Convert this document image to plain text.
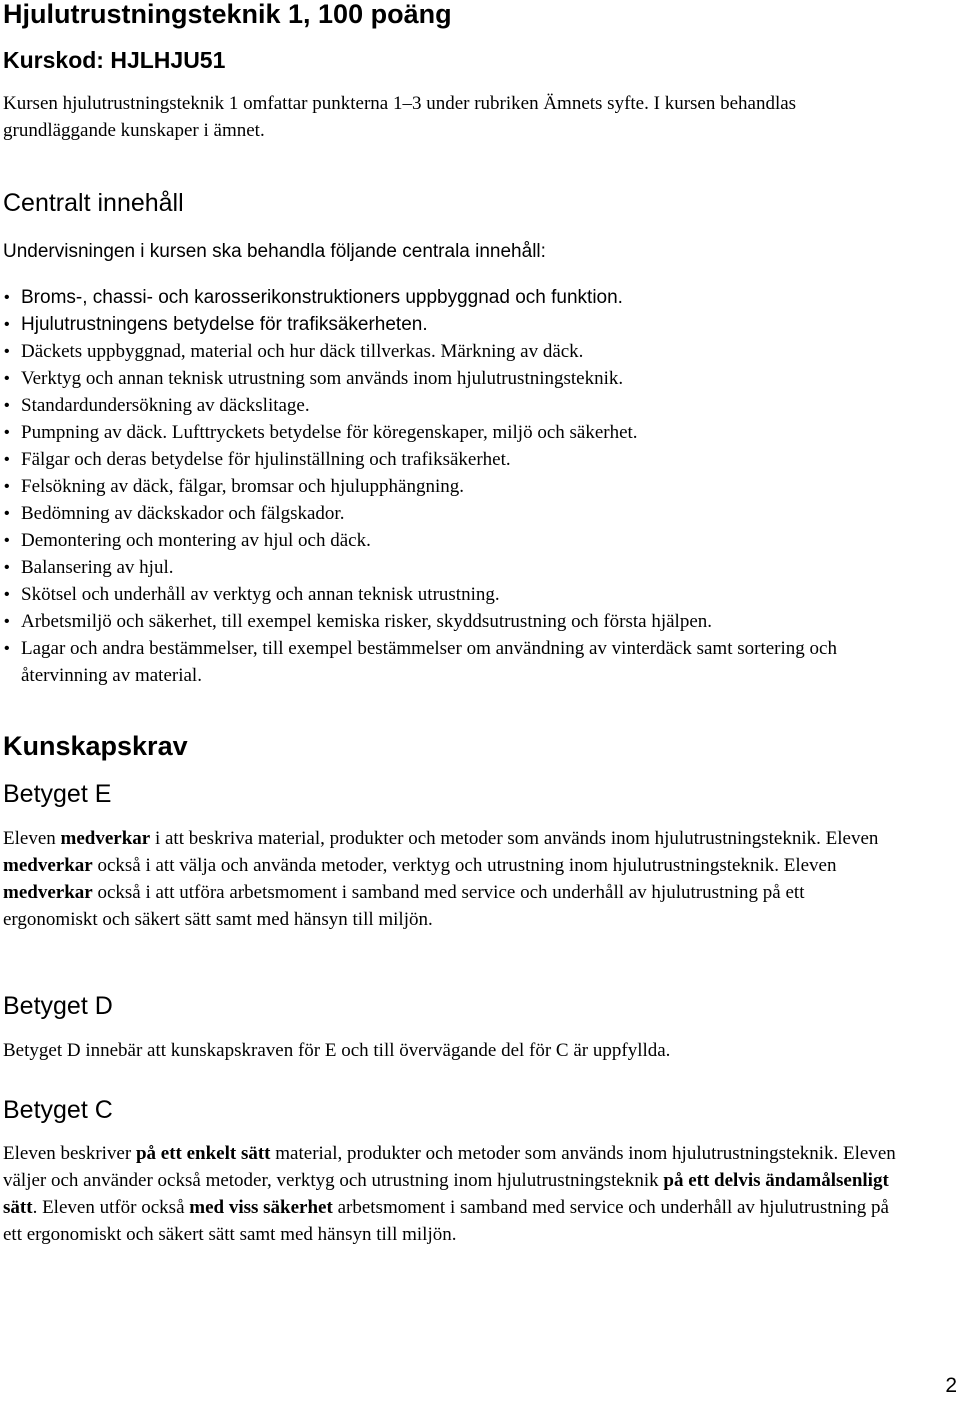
Hjulutrustningsteknik 1, 100 poäng
Kurskod: HJLHJU51

Kursen hjulutrustningsteknik 1 omfattar punkterna 1–3 under rubriken Ämnets syfte. I kursen behandlas grundläggande kunskaper i ämnet.

Centralt innehåll

Undervisningen i kursen ska behandla följande centrala innehåll:

• Broms-, chassi- och karosserikonstruktioners uppbyggnad och funktion.
• Hjulutrustningens betydelse för trafiksäkerheten.
• Däckets uppbyggnad, material och hur däck tillverkas. Märkning av däck.
• Verktyg och annan teknisk utrustning som används inom hjulutrustningsteknik.
• Standardundersökning av däckslitage.
• Pumpning av däck. Lufttryckets betydelse för köregenskaper, miljö och säkerhet.
• Fälgar och deras betydelse för hjulinställning och trafiksäkerhet.
• Felsökning av däck, fälgar, bromsar och hjulupphängning.
• Bedömning av däckskador och fälgskador.
• Demontering och montering av hjul och däck.
• Balansering av hjul.
• Skötsel och underhåll av verktyg och annan teknisk utrustning.
• Arbetsmiljö och säkerhet, till exempel kemiska risker, skyddsutrustning och första hjälpen.
• Lagar och andra bestämmelser, till exempel bestämmelser om användning av vinterdäck samt sortering och återvinning av material.
Kunskapskrav
Betyget E

Eleven medverkar i att beskriva material, produkter och metoder som används inom hjulutrustningsteknik. Eleven medverkar också i att välja och använda metoder, verktyg och utrustning inom hjulutrustningsteknik. Eleven medverkar också i att utföra arbetsmoment i samband med service och underhåll av hjulutrustning på ett ergonomiskt och säkert sätt samt med hänsyn till miljön.

Betyget D

Betyget D innebär att kunskapskraven för E och till övervägande del för C är uppfyllda.

Betyget C

Eleven beskriver på ett enkelt sätt material, produkter och metoder som används inom hjulutrustningsteknik. Eleven väljer och använder också metoder, verktyg och utrustning inom hjulutrustningsteknik på ett delvis ändamålsenligt sätt. Eleven utför också med viss säkerhet arbetsmoment i samband med service och underhåll av hjulutrustning på ett ergonomiskt och säkert sätt samt med hänsyn till miljön.

2
